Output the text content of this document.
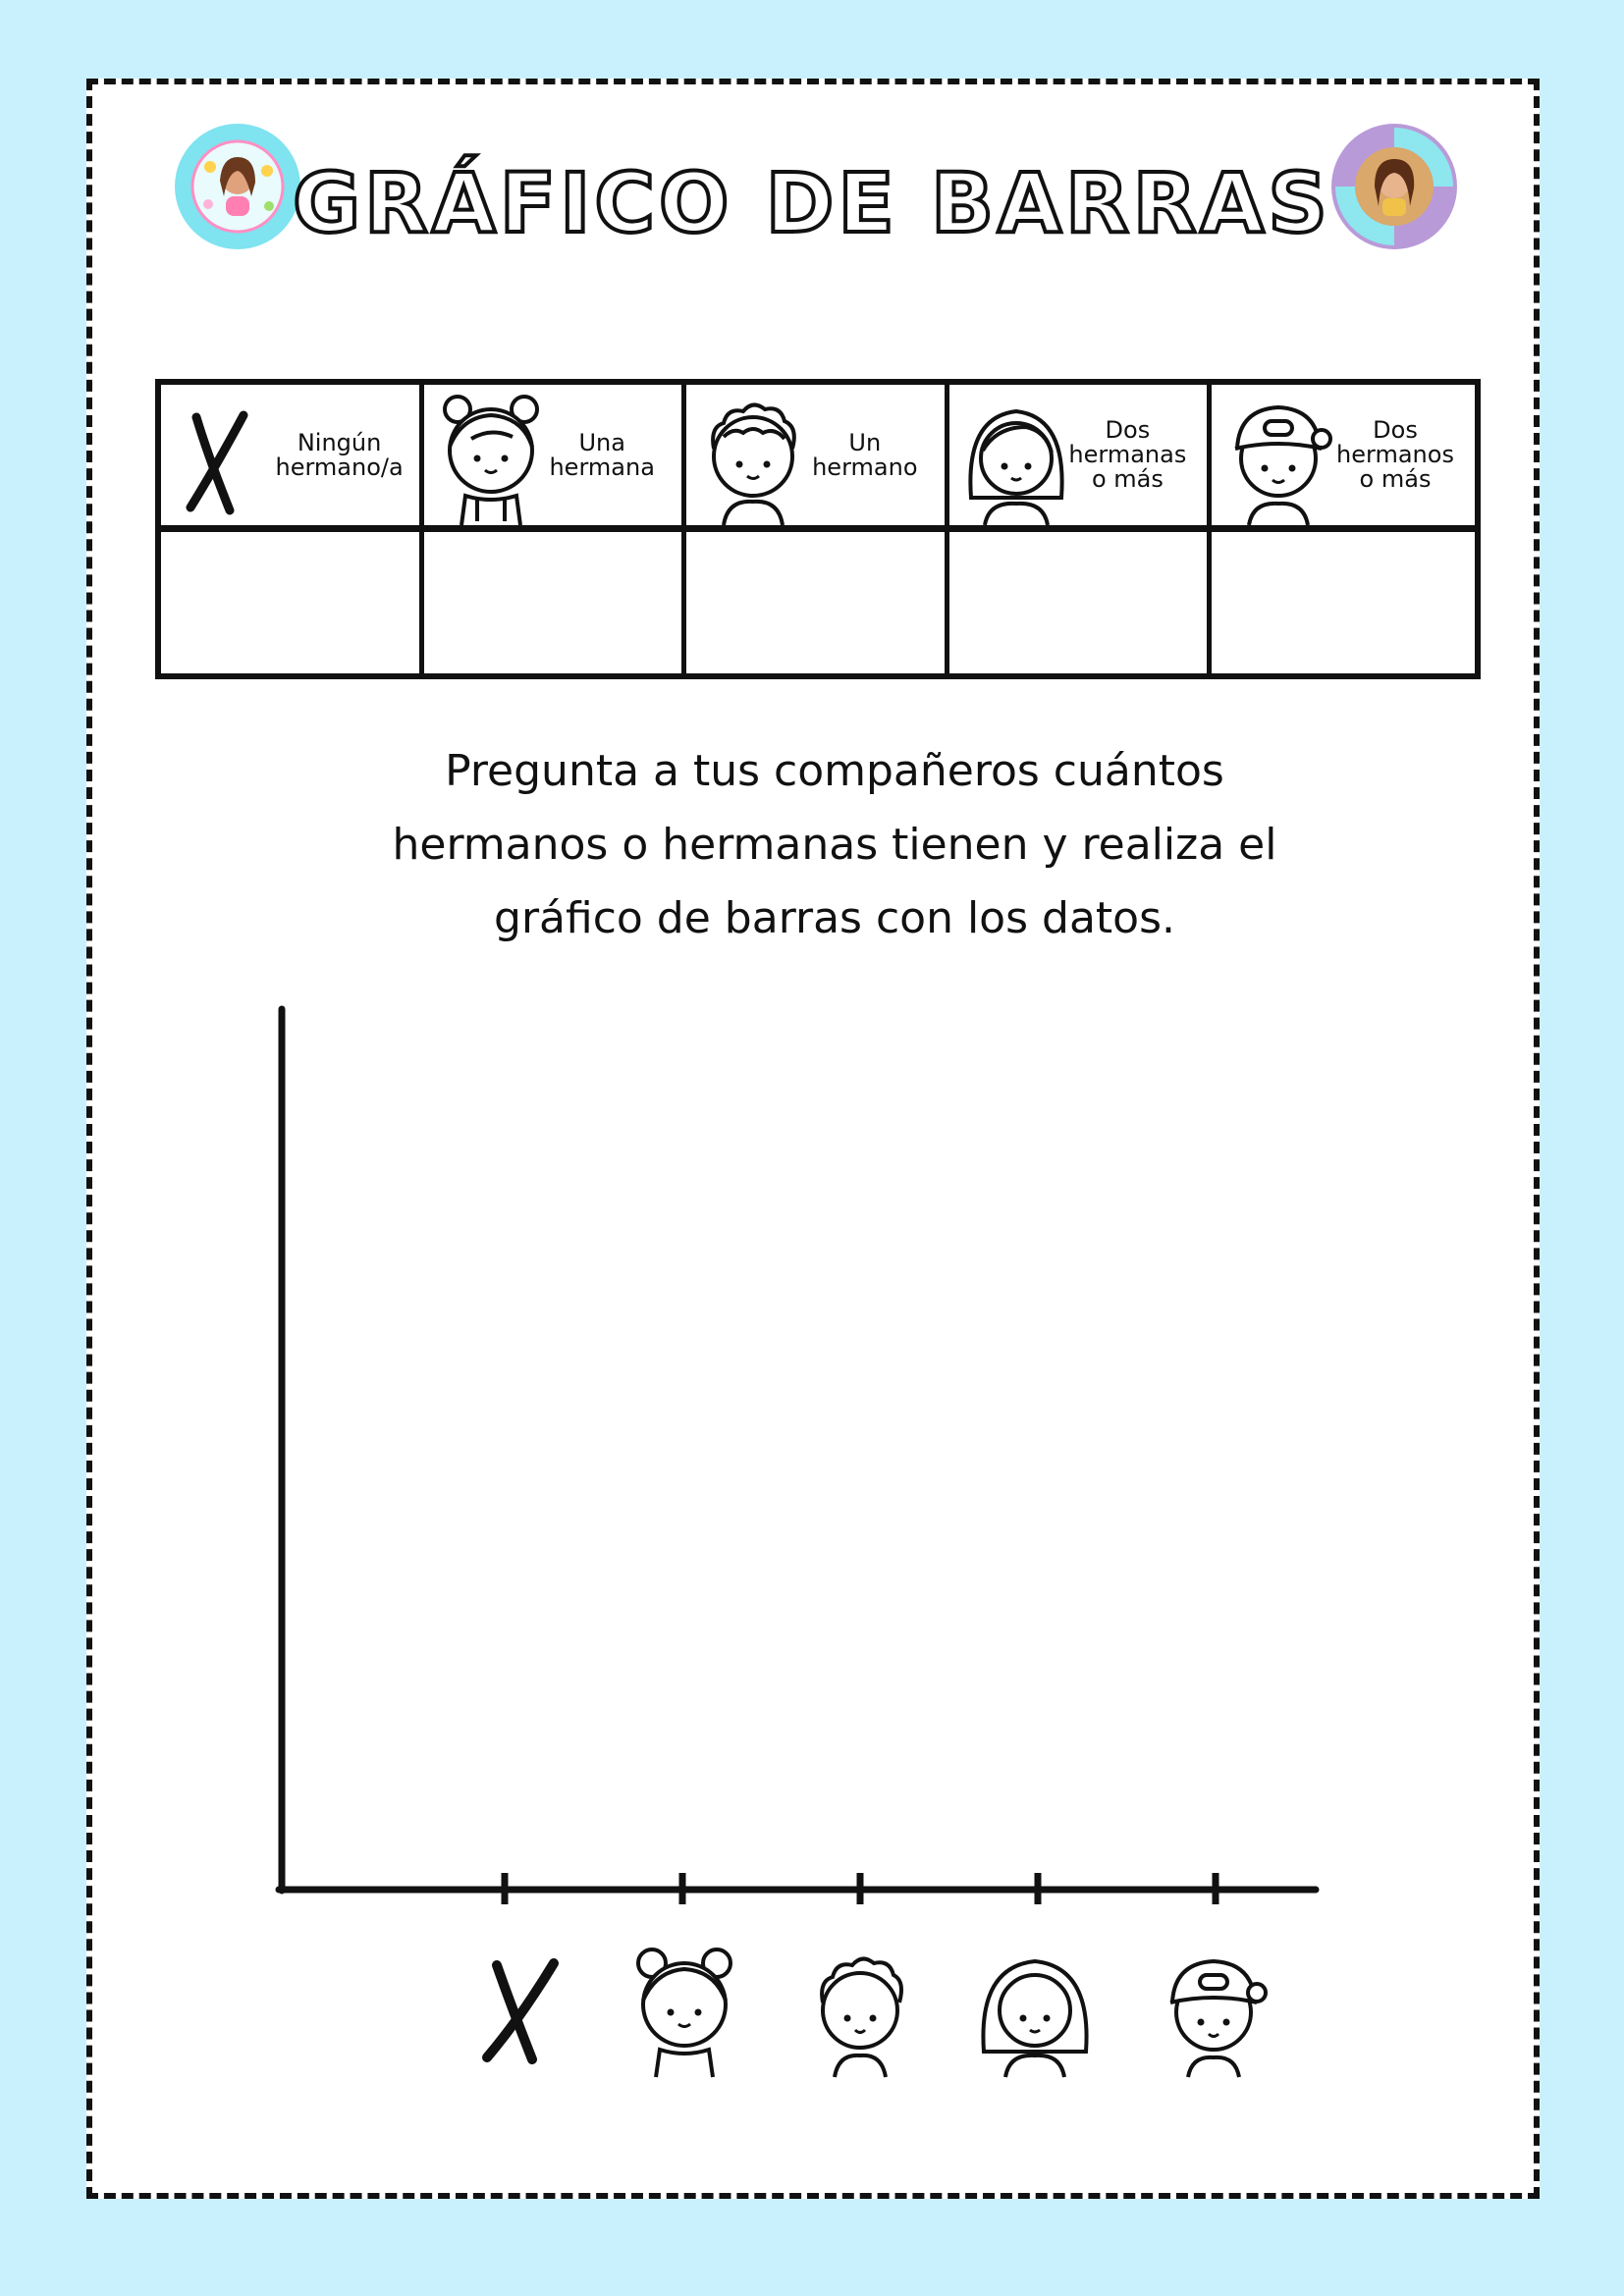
GRÁFICO DE BARRAS
Ningún
hermano/a
Una
hermana
Un
hermano
Dos
hermanas
o más
Dos
hermanos
o más
Pregunta a tus compañeros cuántos hermanos o hermanas tienen y realiza el gráfico de barras con los datos.
